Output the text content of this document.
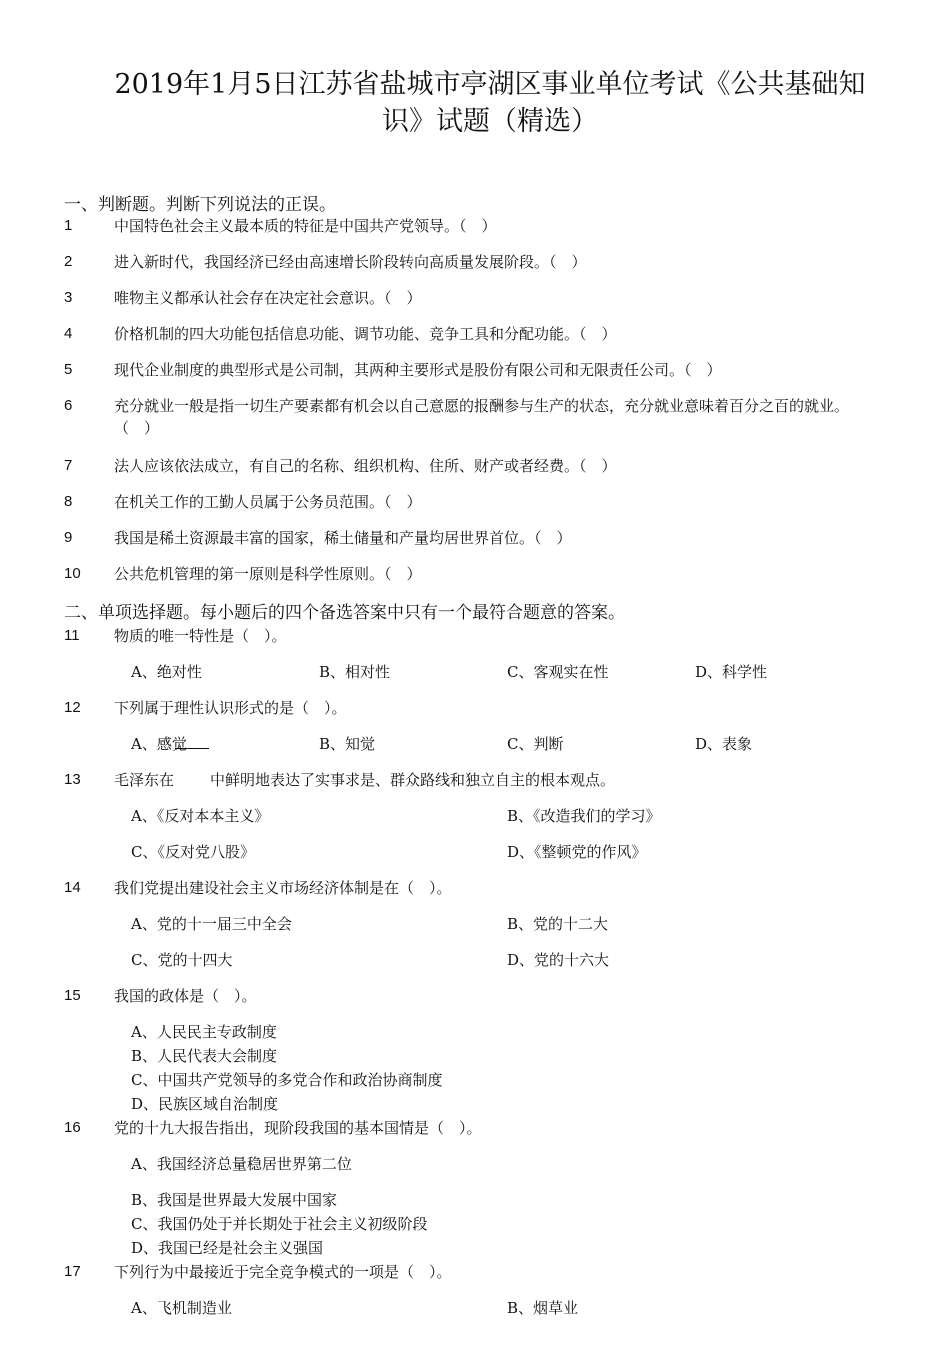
2019年1月5日江苏省盐城市亭湖区事业单位考试《公共基础知
识》试题（精选）
一、判断题。判断下列说法的正误。
1	中国特色社会主义最本质的特征是中国共产党领导。（　）
2	进入新时代，我国经济已经由高速增长阶段转向高质量发展阶段。（　）
3	唯物主义都承认社会存在决定社会意识。（　）
4	价格机制的四大功能包括信息功能、调节功能、竞争工具和分配功能。（　）
5	现代企业制度的典型形式是公司制，其两种主要形式是股份有限公司和无限责任公司。（　）
6	充分就业一般是指一切生产要素都有机会以自己意愿的报酬参与生产的状态，充分就业意味着百分之百的就业。（　）
7	法人应该依法成立，有自己的名称、组织机构、住所、财产或者经费。（　）
8	在机关工作的工勤人员属于公务员范围。（　）
9	我国是稀土资源最丰富的国家，稀土储量和产量均居世界首位。（　）
10 公共危机管理的第一原则是科学性原则。（　）
二、单项选择题。每小题后的四个备选答案中只有一个最符合题意的答案。
11 物质的唯一特性是（　）。
A、绝对性	B、相对性	C、客观实在性	D、科学性
12 下列属于理性认识形式的是（　）。
A、感觉	B、知觉	C、判断	D、表象
13 毛泽东在 中鲜明地表达了实事求是、群众路线和独立自主的根本观点。
A、《反对本本主义》	B、《改造我们的学习》
C、《反对党八股》	D、《整顿党的作风》
14 我们党提出建设社会主义市场经济体制是在（　）。
A、党的十一届三中全会	B、党的十二大
C、党的十四大	D、党的十六大
15 我国的政体是（　）。
A、人民民主专政制度
B、人民代表大会制度
C、中国共产党领导的多党合作和政治协商制度
D、民族区域自治制度
16 党的十九大报告指出，现阶段我国的基本国情是（　）。
A、我国经济总量稳居世界第二位
B、我国是世界最大发展中国家
C、我国仍处于并长期处于社会主义初级阶段
D、我国已经是社会主义强国
17 下列行为中最接近于完全竞争模式的一项是（　）。
A、飞机制造业	B、烟草业
